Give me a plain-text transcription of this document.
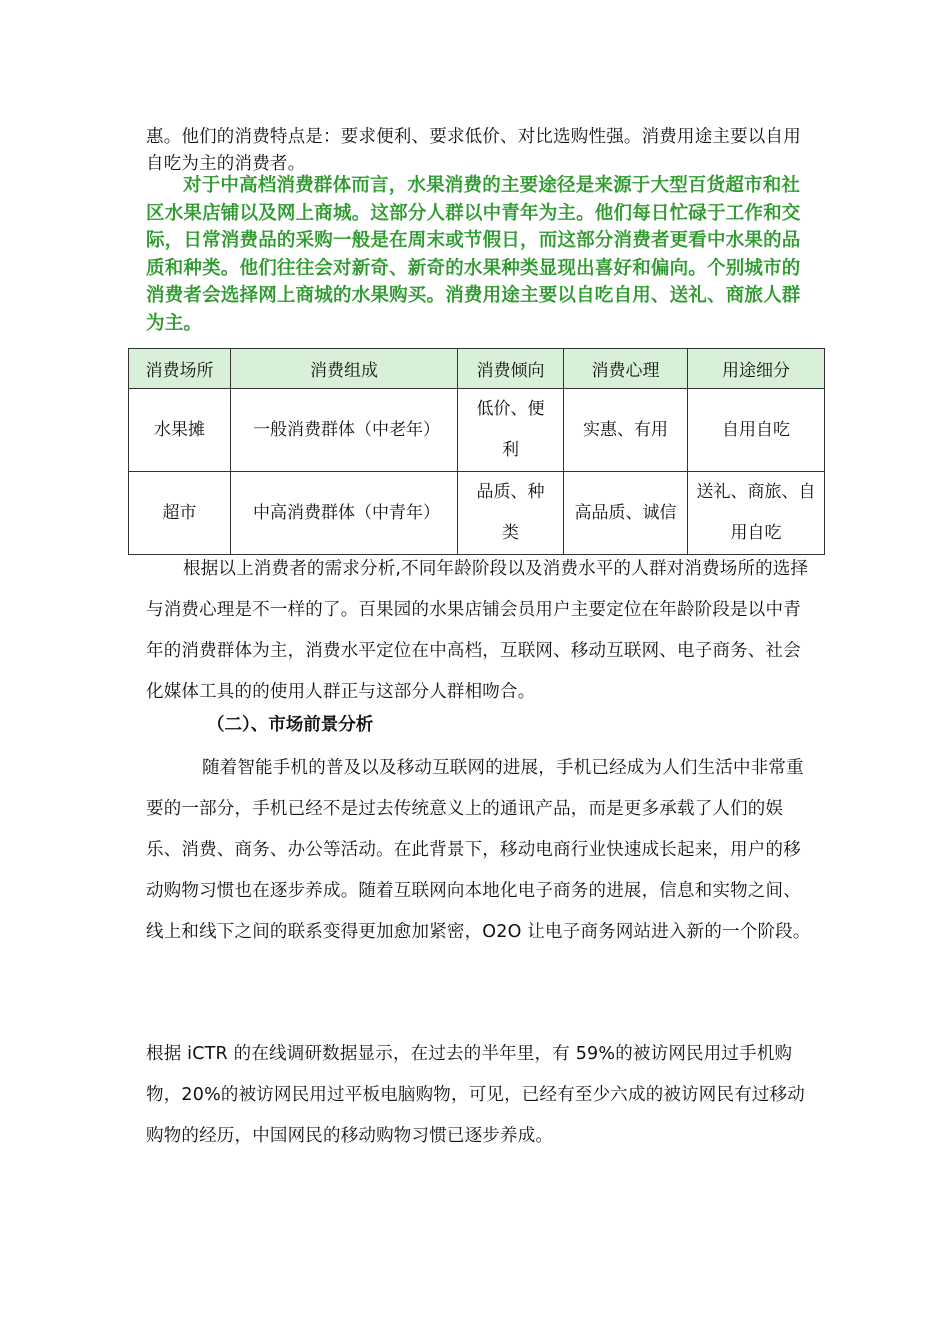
惠。他们的消费特点是：要求便利、要求低价、对比选购性强。消费用途主要以自用自吃为主的消费者。

对于中高档消费群体而言，水果消费的主要途径是来源于大型百货超市和社区水果店铺以及网上商城。这部分人群以中青年为主。他们每日忙碌于工作和交际，日常消费品的采购一般是在周末或节假日，而这部分消费者更看中水果的品质和种类。他们往往会对新奇、新奇的水果种类显现出喜好和偏向。个别城市的消费者会选择网上商城的水果购买。消费用途主要以自吃自用、送礼、商旅人群为主。

消费场所	消费组成	消费倾向	消费心理	用途细分
水果摊	一般消费群体（中老年）	低价、便利	实惠、有用	自用自吃
超市	中高消费群体（中青年）	品质、种类	高品质、诚信	送礼、商旅、自用自吃

根据以上消费者的需求分析,不同年龄阶段以及消费水平的人群对消费场所的选择与消费心理是不一样的了。百果园的水果店铺会员用户主要定位在年龄阶段是以中青年的消费群体为主，消费水平定位在中高档，互联网、移动互联网、电子商务、社会化媒体工具的的使用人群正与这部分人群相吻合。

（二）、市场前景分析

随着智能手机的普及以及移动互联网的进展，手机已经成为人们生活中非常重要的一部分，手机已经不是过去传统意义上的通讯产品，而是更多承载了人们的娱乐、消费、商务、办公等活动。在此背景下，移动电商行业快速成长起来，用户的移动购物习惯也在逐步养成。随着互联网向本地化电子商务的进展，信息和实物之间、线上和线下之间的联系变得更加愈加紧密，O2O 让电子商务网站进入新的一个阶段。

根据 iCTR 的在线调研数据显示，在过去的半年里，有 59%的被访网民用过手机购物，20%的被访网民用过平板电脑购物，可见，已经有至少六成的被访网民有过移动购物的经历，中国网民的移动购物习惯已逐步养成。
